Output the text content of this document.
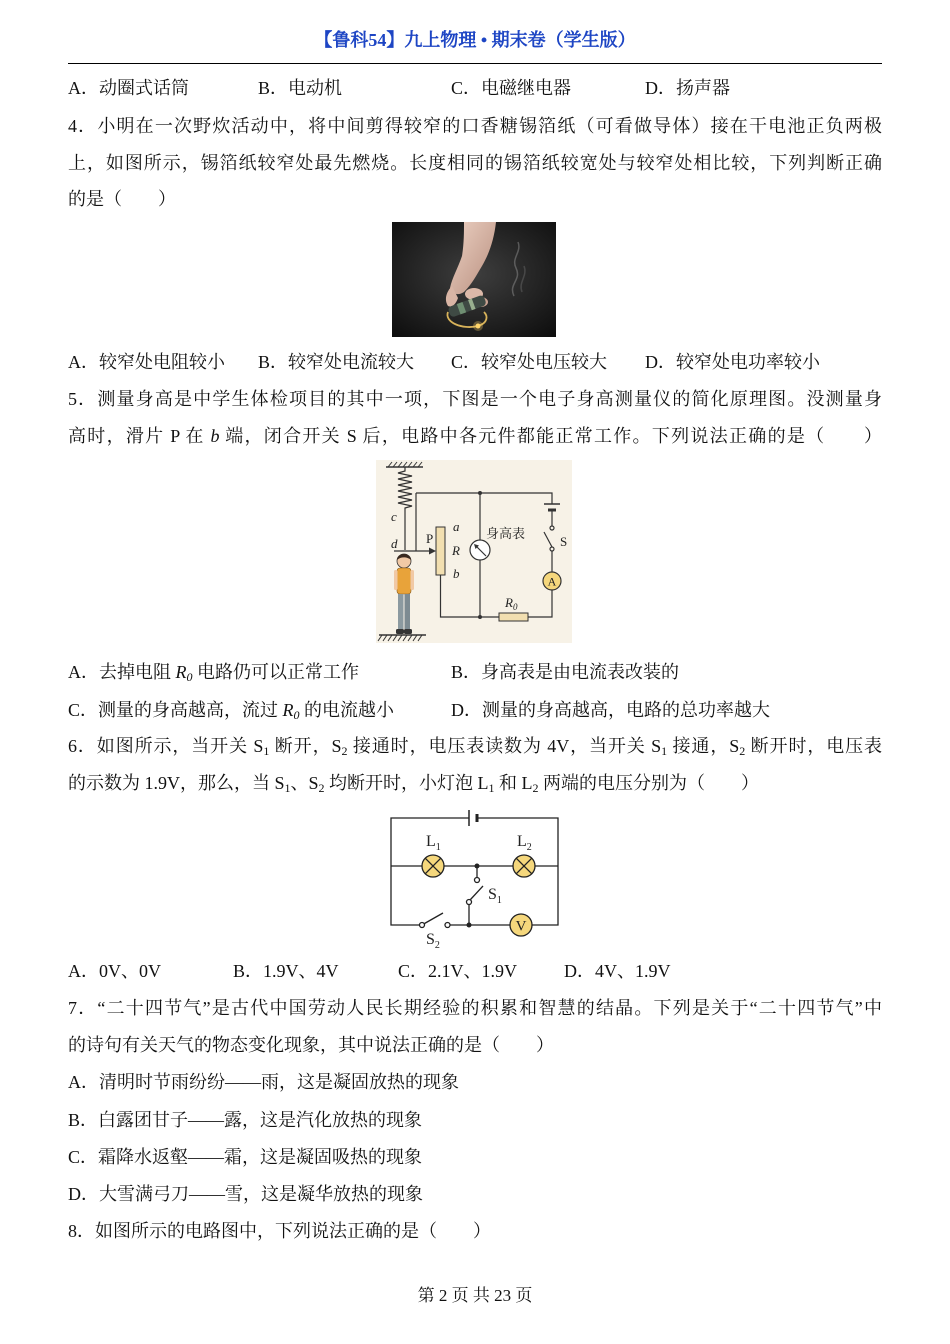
【鲁科54】九上物理 • 期末卷（学生版）
A．动圈式话筒	B．电动机	C．电磁继电器	D．扬声器
4．小明在一次野炊活动中，将中间剪得较窄的口香糖锡箔纸（可看做导体）接在干电池正负两极
上，如图所示，锡箔纸较窄处最先燃烧。长度相同的锡箔纸较宽处与较窄处相比较，下列判断正确
的是（　　）
A．较窄处电阻较小 B．较窄处电流较大 C．较窄处电压较大 D．较窄处电功率较小
5．测量身高是中学生体检项目的其中一项，下图是一个电子身高测量仪的简化原理图。没测量身
高时，滑片 P 在 b 端，闭合开关 S 后，电路中各元件都能正常工作。下列说法正确的是（　　）
c
d P
a
R
b
身高表
S
A
$R_0$
A．去掉电阻 $R_0$ 电路仍可以正常工作	B．身高表是由电流表改装的
C．测量的身高越高，流过 $R_0$ 的电流越小	D．测量的身高越高，电路的总功率越大
6．如图所示，当开关 $S_1$ 断开，$S_2$ 接通时，电压表读数为 4V，当开关 $S_1$ 接通，$S_2$ 断开时，电压表
的示数为 1.9V，那么，当 $S_1$、$S_2$ 均断开时，小灯泡 $L_1$ 和 $L_2$ 两端的电压分别为（　　）
V
$L_1$	$L_2$
$S_1$
$S_2$
A．0V、0V	B．1.9V、4V	C．2.1V、1.9V	D．4V、1.9V
7．“二十四节气”是古代中国劳动人民长期经验的积累和智慧的结晶。下列是关于“二十四节气”中
的诗句有关天气的物态变化现象，其中说法正确的是（　　）
A．清明时节雨纷纷——雨，这是凝固放热的现象
B．白露团甘子——露，这是汽化放热的现象
C．霜降水返壑——霜，这是凝固吸热的现象
D．大雪满弓刀——雪，这是凝华放热的现象
8．如图所示的电路图中，下列说法正确的是（　　）
第 2 页 共 23 页
